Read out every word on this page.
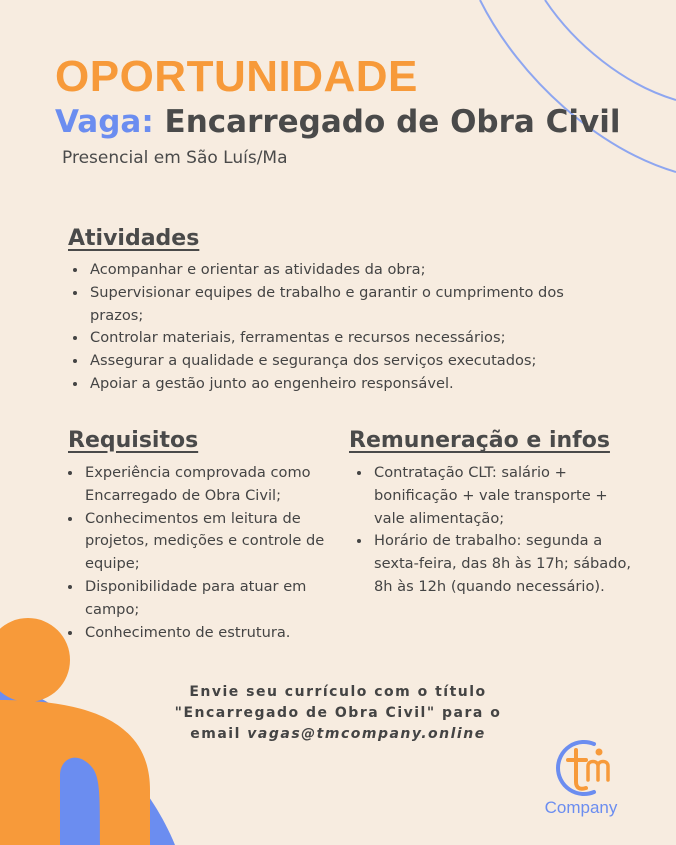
OPORTUNIDADE
Vaga: Encarregado de Obra Civil

Presencial em São Luís/Ma

Atividades
• Acompanhar e orientar as atividades da obra;
• Supervisionar equipes de trabalho e garantir o cumprimento dos prazos;
• Controlar materiais, ferramentas e recursos necessários;
• Assegurar a qualidade e segurança dos serviços executados;
• Apoiar a gestão junto ao engenheiro responsável.
Requisitos
• Experiência comprovada como Encarregado de Obra Civil;
• Conhecimentos em leitura de projetos, medições e controle de equipe;
• Disponibilidade para atuar em campo;
• Conhecimento de estrutura.
Remuneração e infos
• Contratação CLT: salário + bonificação + vale transporte + vale alimentação;
• Horário de trabalho: segunda a sexta-feira, das 8h às 17h; sábado, 8h às 12h (quando necessário).
Envie seu currículo com o título
"Encarregado de Obra Civil" para o
email vagas@tmcompany.online
Company
